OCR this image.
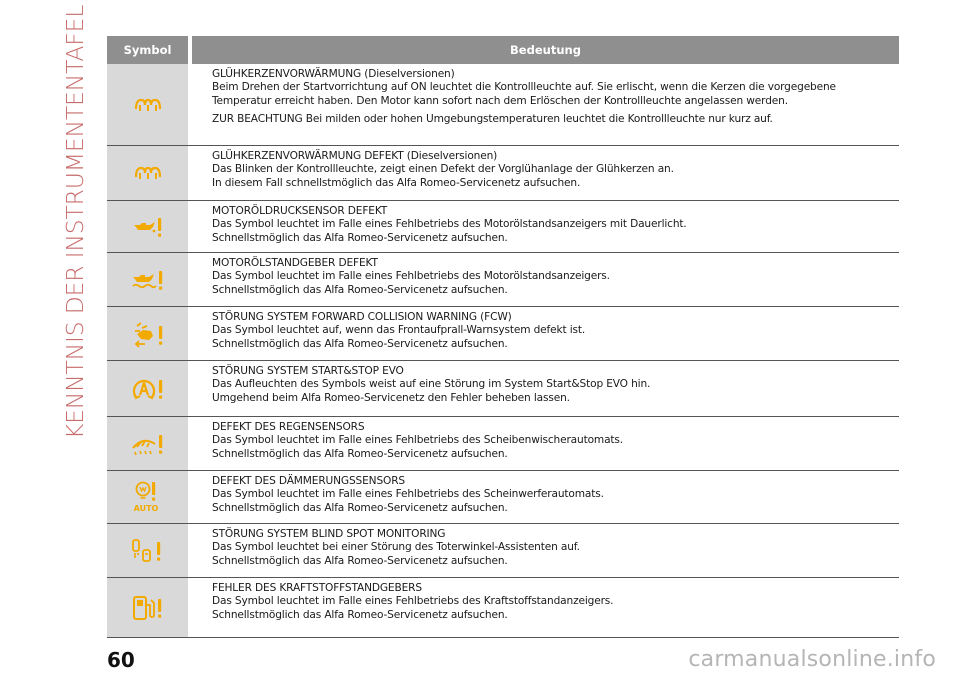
KENNTNIS DER INSTRUMENTENTAFEL	Symbol	Bedeutung

GLÜHKERZENVORWÄRMUNG (Dieselversionen)

Beim Drehen der Startvorrichtung auf ON leuchtet die Kontrollleuchte auf. Sie erlischt, wenn die Kerzen die vorgegebene

Temperatur erreicht haben. Den Motor kann sofort nach dem Erlöschen der Kontrollleuchte angelassen werden.

ZUR BEACHTUNG Bei milden oder hohen Umgebungstemperaturen leuchtet die Kontrollleuchte nur kurz auf.

GLÜHKERZENVORWÄRMUNG DEFEKT (Dieselversionen)

Das Blinken der Kontrollleuchte, zeigt einen Defekt der Vorglühanlage der Glühkerzen an.

In diesem Fall schnellstmöglich das Alfa Romeo-Servicenetz aufsuchen.

MOTORÖLDRUCKSENSOR DEFEKT

Das Symbol leuchtet im Falle eines Fehlbetriebs des Motorölstandsanzeigers mit Dauerlicht.

Schnellstmöglich das Alfa Romeo-Servicenetz aufsuchen.

MOTORÖLSTANDGEBER DEFEKT

Das Symbol leuchtet im Falle eines Fehlbetriebs des Motorölstandsanzeigers.

Schnellstmöglich das Alfa Romeo-Servicenetz aufsuchen.

STÖRUNG SYSTEM FORWARD COLLISION WARNING (FCW)

Das Symbol leuchtet auf, wenn das Frontaufprall-Warnsystem defekt ist.

Schnellstmöglich das Alfa Romeo-Servicenetz aufsuchen.

STÖRUNG SYSTEM START&STOP EVO

Das Aufleuchten des Symbols weist auf eine Störung im System Start&Stop EVO hin.

Umgehend beim Alfa Romeo-Servicenetz den Fehler beheben lassen.

DEFEKT DES REGENSENSORS

Das Symbol leuchtet im Falle eines Fehlbetriebs des Scheibenwischerautomats.

Schnellstmöglich das Alfa Romeo-Servicenetz aufsuchen.

AUTO

DEFEKT DES DÄMMERUNGSSENSORS

Das Symbol leuchtet im Falle eines Fehlbetriebs des Scheinwerferautomats.

Schnellstmöglich das Alfa Romeo-Servicenetz aufsuchen.

STÖRUNG SYSTEM BLIND SPOT MONITORING

Das Symbol leuchtet bei einer Störung des Toterwinkel-Assistenten auf.

Schnellstmöglich das Alfa Romeo-Servicenetz aufsuchen.

FEHLER DES KRAFTSTOFFSTANDGEBERS

Das Symbol leuchtet im Falle eines Fehlbetriebs des Kraftstoffstandanzeigers.

Schnellstmöglich das Alfa Romeo-Servicenetz aufsuchen.

60	carmanualsonline.info
